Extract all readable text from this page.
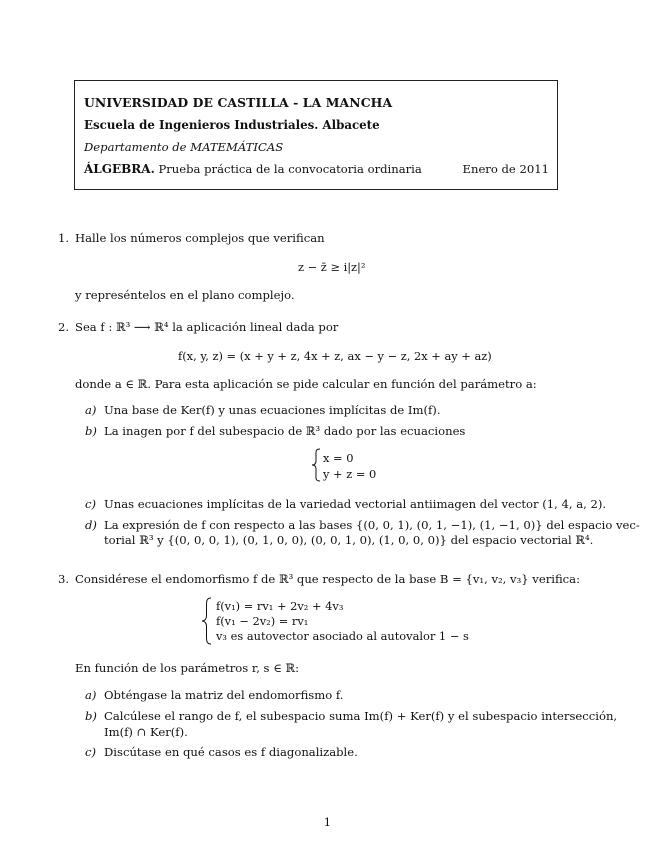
UNIVERSIDAD DE CASTILLA - LA MANCHA
Escuela de Ingenieros Industriales. Albacete
Departamento de MATEMÁTICAS
ÁLGEBRA. Prueba práctica de la convocatoria ordinaria	Enero de 2011
1. Halle los números complejos que verifican
z − z̄ ≥ i|z|²
y represéntelos en el plano complejo.
2. Sea f : ℝ³ ⟶ ℝ⁴ la aplicación lineal dada por
f(x, y, z) = (x + y + z, 4x + z, ax − y − z, 2x + ay + az)
donde a ∈ ℝ. Para esta aplicación se pide calcular en función del parámetro a:
a) Una base de Ker(f) y unas ecuaciones implícitas de Im(f).
b) La inagen por f del subespacio de ℝ³ dado por las ecuaciones
x = 0
y + z = 0
c) Unas ecuaciones implícitas de la variedad vectorial antiimagen del vector (1, 4, a, 2).
d) La expresión de f con respecto a las bases {(0, 0, 1), (0, 1, −1), (1, −1, 0)} del espacio vec-
torial ℝ³ y {(0, 0, 0, 1), (0, 1, 0, 0), (0, 0, 1, 0), (1, 0, 0, 0)} del espacio vectorial ℝ⁴.
3. Considérese el endomorfismo f de ℝ³ que respecto de la base B = {v₁, v₂, v₃} verifica:
f(v₁) = rv₁ + 2v₂ + 4v₃
f(v₁ − 2v₂) = rv₁
v₃ es autovector asociado al autovalor 1 − s
En función de los parámetros r, s ∈ ℝ:
a) Obténgase la matriz del endomorfismo f.
b) Calcúlese el rango de f, el subespacio suma Im(f) + Ker(f) y el subespacio intersección,
Im(f) ∩ Ker(f).
c) Discútase en qué casos es f diagonalizable.
1
